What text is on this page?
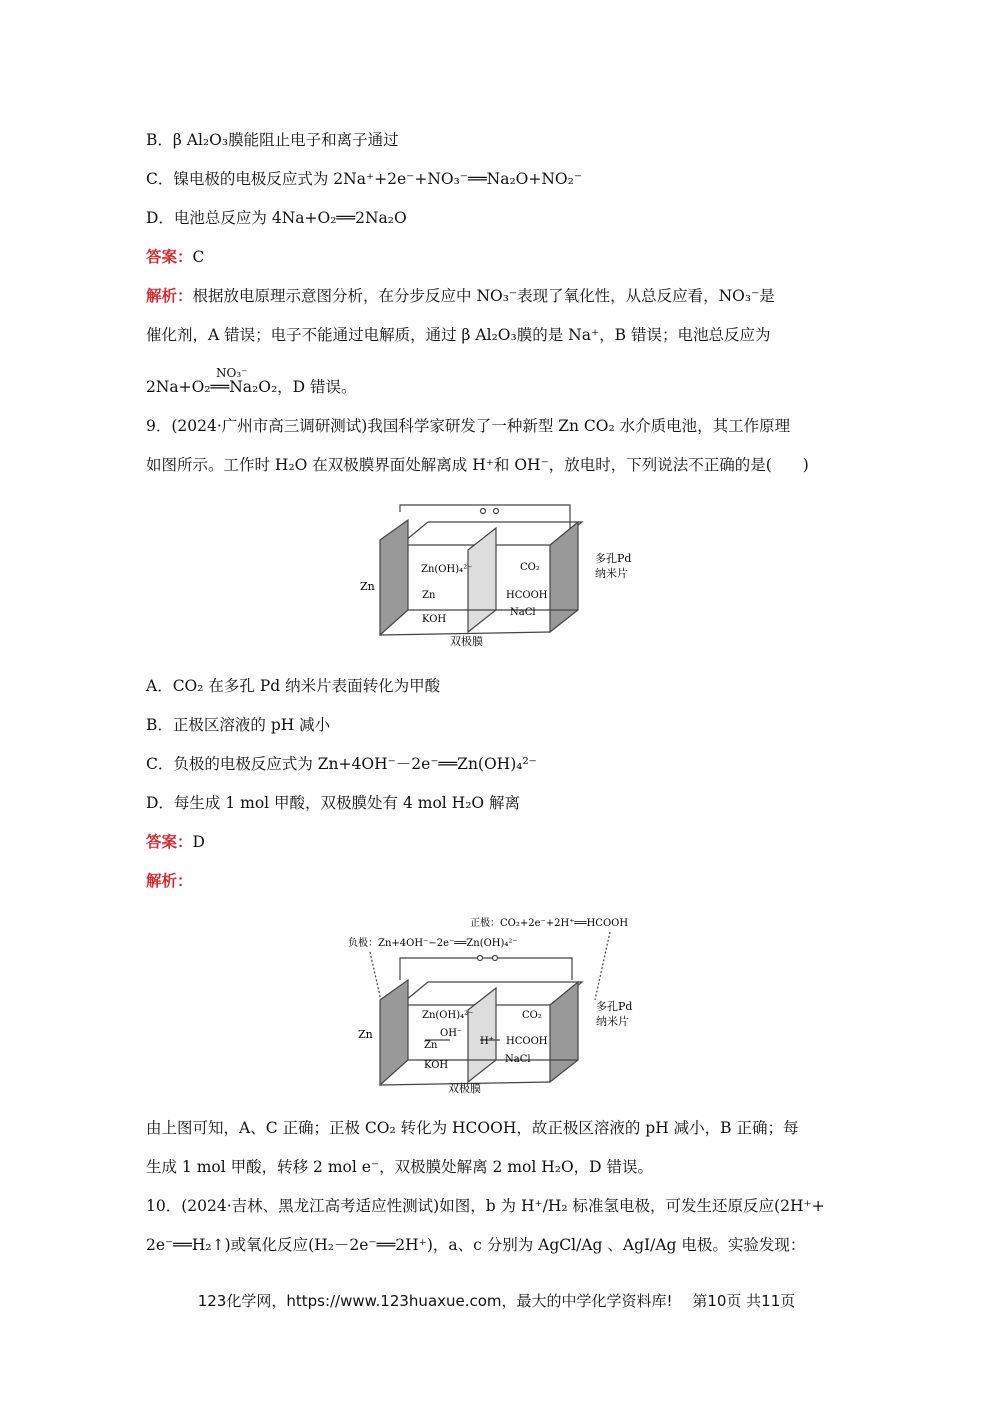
B．β Al₂O₃膜能阻止电子和离子通过
C．镍电极的电极反应式为 2Na⁺+2e⁻+NO₃⁻══Na₂O+NO₂⁻
D．电池总反应为 4Na+O₂══2Na₂O
答案：C
解析：根据放电原理示意图分析，在分步反应中 NO₃⁻表现了氧化性，从总反应看，NO₃⁻是
催化剂，A 错误；电子不能通过电解质，通过 β Al₂O₃膜的是 Na⁺，B 错误；电池总反应为
NO₃⁻
2Na+O₂══Na₂O₂，D 错误。
9．(2024·广州市高三调研测试)我国科学家研发了一种新型 Zn CO₂ 水介质电池，其工作原理
如图所示。工作时 H₂O 在双极膜界面处解离成 H⁺和 OH⁻，放电时，下列说法不正确的是(　　)
Zn
Zn(OH)₄²⁻
Zn
KOH
CO₂
HCOOH
NaCl
多孔Pd
纳米片
双极膜
A．CO₂ 在多孔 Pd 纳米片表面转化为甲酸
B．正极区溶液的 pH 减小
C．负极的电极反应式为 Zn+4OH⁻－2e⁻══Zn(OH)₄²⁻
D．每生成 1 mol 甲酸，双极膜处有 4 mol H₂O 解离
答案：D
解析：
正极：CO₂+2e⁻+2H⁺══HCOOH
负极：Zn+4OH⁻−2e⁻══Zn(OH)₄²⁻
Zn
Zn(OH)₄²⁻
OH⁻
Zn
KOH
H⁺
CO₂
HCOOH
NaCl
多孔Pd
纳米片
双极膜
由上图可知，A、C 正确；正极 CO₂ 转化为 HCOOH，故正极区溶液的 pH 减小，B 正确；每
生成 1 mol 甲酸，转移 2 mol e⁻，双极膜处解离 2 mol H₂O，D 错误。
10．(2024·吉林、黑龙江高考适应性测试)如图，b 为 H⁺/H₂ 标准氢电极，可发生还原反应(2H⁺+
2e⁻══H₂↑)或氧化反应(H₂－2e⁻══2H⁺)，a、c 分别为 AgCl/Ag 、AgI/Ag 电极。实验发现：
123化学网，https://www.123huaxue.com，最大的中学化学资料库!　 第10页 共11页
